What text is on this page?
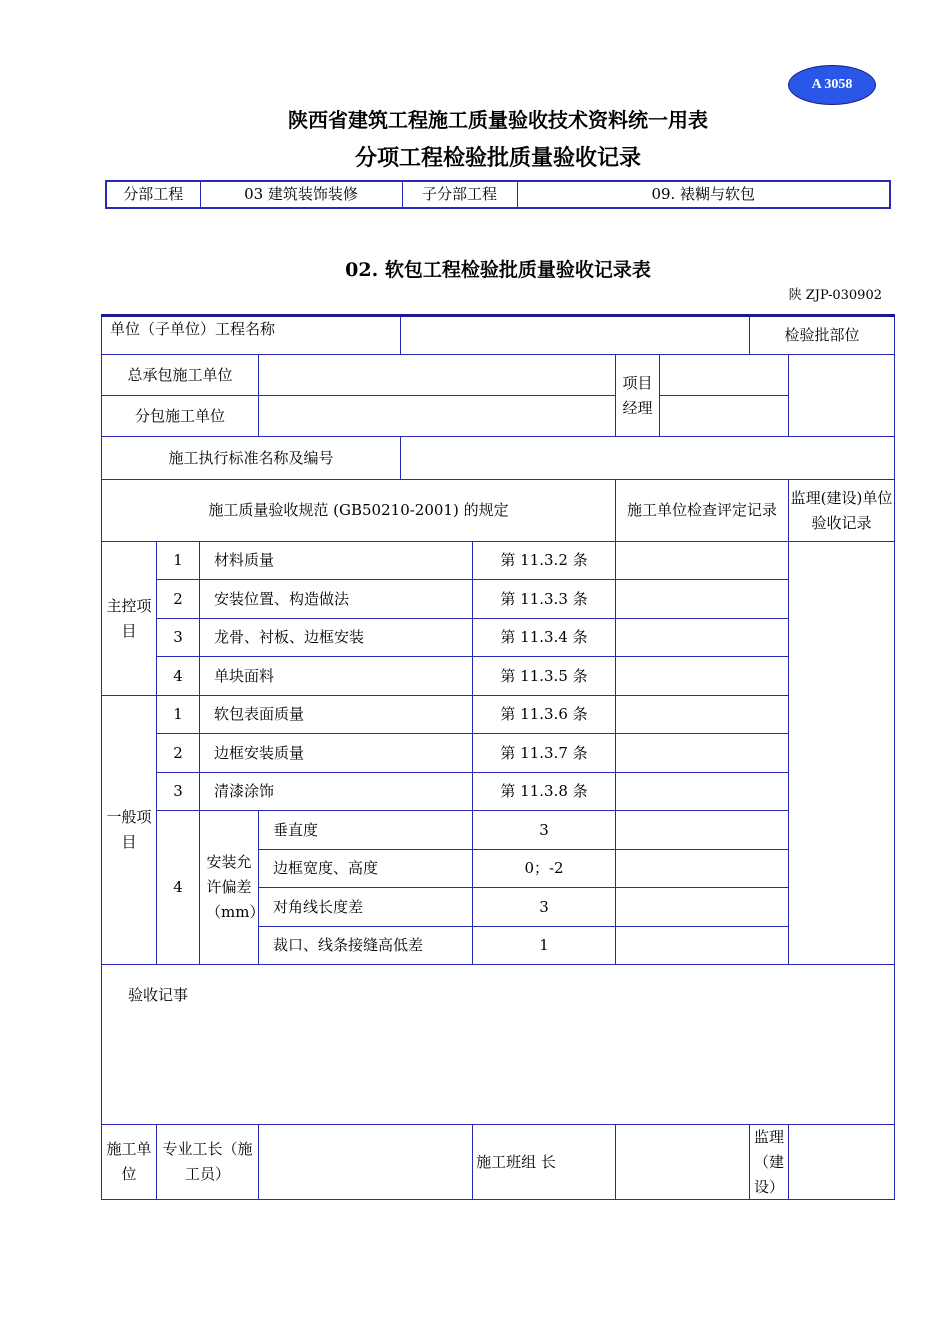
A 3058
陕西省建筑工程施工质量验收技术资料统一用表
分项工程检验批质量验收记录
分部工程	03 建筑装饰装修	子分部工程	09. 裱糊与软包
02. 软包工程检验批质量验收记录表
陕 ZJP-030902
单位（子单位）工程名称								检验批部位	
总承包施工单位						项目经理			
分包施工单位									
施工执行标准名称及编号									
施工质量验收规范 (GB50210-2001) 的规定						施工单位检查评定记录			监理(建设)单位验收记录
主控项目	1	材料质量			第 11.3.2 条				
	2	安装位置、构造做法			第 11.3.3 条				
	3	龙骨、衬板、边框安装			第 11.3.4 条				
	4	单块面料			第 11.3.5 条				
一般项目	1	软包表面质量			第 11.3.6 条				
	2	边框安装质量			第 11.3.7 条				
	3	清漆涂饰			第 11.3.8 条				
	4	安装允许偏差（mm）	垂直度		3				

			边框宽度、高度		0；-2				

			对角线长度差		3				

			裁口、线条接缝高低差		1				

验收记事									
施工单位	专业工长（施工员）				施工班组 长			监理（建设）	
